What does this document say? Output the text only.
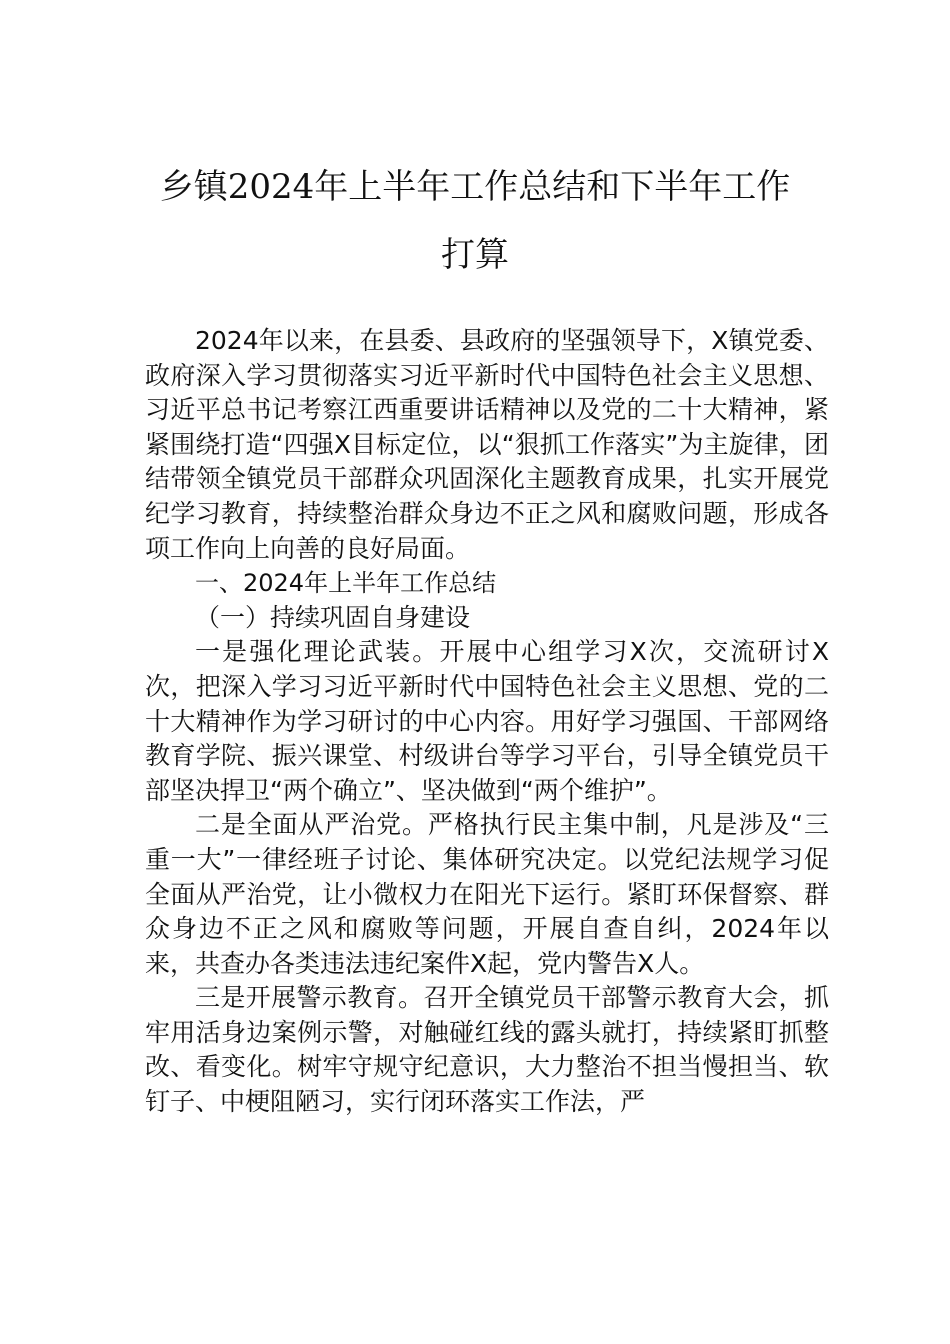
乡镇2024年上半年工作总结和下半年工作
打算

2024年以来，在县委、县政府的坚强领导下，X镇党委、政府深入学习贯彻落实习近平新时代中国特色社会主义思想、习近平总书记考察江西重要讲话精神以及党的二十大精神，紧紧围绕打造“四强X目标定位，以“狠抓工作落实”为主旋律，团结带领全镇党员干部群众巩固深化主题教育成果，扎实开展党纪学习教育，持续整治群众身边不正之风和腐败问题，形成各项工作向上向善的良好局面。

一、2024年上半年工作总结

（一）持续巩固自身建设

一是强化理论武装。开展中心组学习X次，交流研讨X次，把深入学习习近平新时代中国特色社会主义思想、党的二十大精神作为学习研讨的中心内容。用好学习强国、干部网络教育学院、振兴课堂、村级讲台等学习平台，引导全镇党员干部坚决捍卫“两个确立”、坚决做到“两个维护”。

二是全面从严治党。严格执行民主集中制，凡是涉及“三重一大”一律经班子讨论、集体研究决定。以党纪法规学习促全面从严治党，让小微权力在阳光下运行。紧盯环保督察、群众身边不正之风和腐败等问题，开展自查自纠，2024年以来，共查办各类违法违纪案件X起，党内警告X人。

三是开展警示教育。召开全镇党员干部警示教育大会，抓牢用活身边案例示警，对触碰红线的露头就打，持续紧盯抓整改、看变化。树牢守规守纪意识，大力整治不担当慢担当、软钉子、中梗阻陋习，实行闭环落实工作法，严
